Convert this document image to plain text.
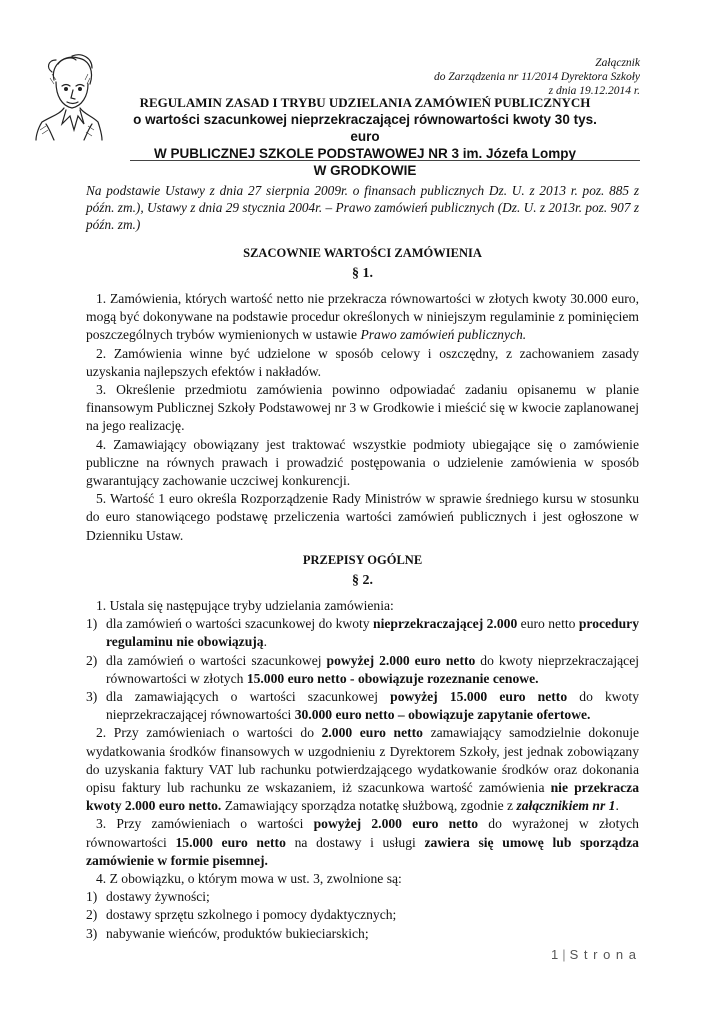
Załącznik
do Zarządzenia nr 11/2014 Dyrektora Szkoły
z dnia 19.12.2014 r.
REGULAMIN ZASAD I TRYBU UDZIELANIA ZAMÓWIEŃ PUBLICZNYCH
o wartości szacunkowej nieprzekraczającej równowartości kwoty 30 tys. euro
W PUBLICZNEJ SZKOLE PODSTAWOWEJ NR 3 im. Józefa Lompy
W GRODKOWIE
Na podstawie Ustawy z dnia 27 sierpnia 2009r. o finansach publicznych Dz. U. z 2013 r. poz. 885 z późn. zm.), Ustawy z dnia 29 stycznia 2004r. – Prawo zamówień publicznych (Dz. U. z 2013r. poz. 907 z późn. zm.)
SZACOWNIE WARTOŚCI ZAMÓWIENIA
§ 1.

1. Zamówienia, których wartość netto nie przekracza równowartości w złotych kwoty 30.000 euro, mogą być dokonywane na podstawie procedur określonych w niniejszym regulaminie z pominięciem poszczególnych trybów wymienionych w ustawie Prawo zamówień publicznych.

2. Zamówienia winne być udzielone w sposób celowy i oszczędny, z zachowaniem zasady uzyskania najlepszych efektów i nakładów.

3. Określenie przedmiotu zamówienia powinno odpowiadać zadaniu opisanemu w planie finansowym Publicznej Szkoły Podstawowej nr 3 w Grodkowie i mieścić się w kwocie zaplanowanej na jego realizację.

4. Zamawiający obowiązany jest traktować wszystkie podmioty ubiegające się o zamówienie publiczne na równych prawach i prowadzić postępowania o udzielenie zamówienia w sposób gwarantujący zachowanie uczciwej konkurencji.

5. Wartość 1 euro określa Rozporządzenie Rady Ministrów w sprawie średniego kursu w stosunku do euro stanowiącego podstawę przeliczenia wartości zamówień publicznych i jest ogłoszone w Dzienniku Ustaw.

PRZEPISY OGÓLNE
§ 2.

1. Ustala się następujące tryby udzielania zamówienia:

1) dla zamówień o wartości szacunkowej do kwoty nieprzekraczającej 2.000 euro netto procedury regulaminu nie obowiązują.

2) dla zamówień o wartości szacunkowej powyżej 2.000 euro netto do kwoty nieprzekraczającej równowartości w złotych 15.000 euro netto - obowiązuje rozeznanie cenowe.

3) dla zamawiających o wartości szacunkowej powyżej 15.000 euro netto do kwoty nieprzekraczającej równowartości 30.000 euro netto – obowiązuje zapytanie ofertowe.

2. Przy zamówieniach o wartości do 2.000 euro netto zamawiający samodzielnie dokonuje wydatkowania środków finansowych w uzgodnieniu z Dyrektorem Szkoły, jest jednak zobowiązany do uzyskania faktury VAT lub rachunku potwierdzającego wydatkowanie środków oraz dokonania opisu faktury lub rachunku ze wskazaniem, iż szacunkowa wartość zamówienia nie przekracza kwoty 2.000 euro netto. Zamawiający sporządza notatkę służbową, zgodnie z załącznikiem nr 1.

3. Przy zamówieniach o wartości powyżej 2.000 euro netto do wyrażonej w złotych równowartości 15.000 euro netto na dostawy i usługi zawiera się umowę lub sporządza zamówienie w formie pisemnej.

4. Z obowiązku, o którym mowa w ust. 3, zwolnione są:

1) dostawy żywności;

2) dostawy sprzętu szkolnego i pomocy dydaktycznych;

3) nabywanie wieńców, produktów bukieciarskich;

1 | S t r o n a
